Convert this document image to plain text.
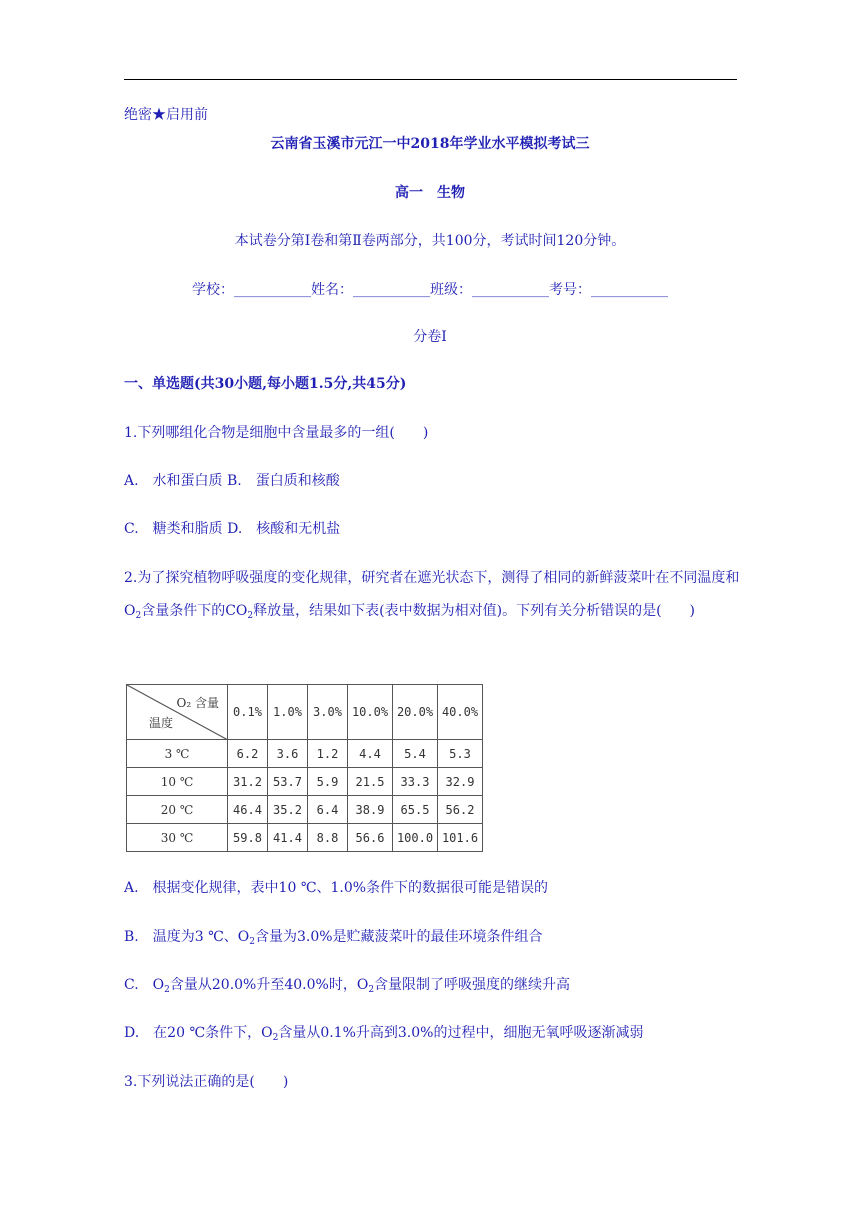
绝密★启用前
云南省玉溪市元江一中2018年学业水平模拟考试三
高一　生物
本试卷分第Ⅰ卷和第Ⅱ卷两部分，共100分，考试时间120分钟。
学校：___________姓名：___________班级：___________考号：___________
分卷I
一、单选题(共30小题,每小题1.5分,共45分)
1.下列哪组化合物是细胞中含量最多的一组(　　)
A.　水和蛋白质 B.　蛋白质和核酸
C.　糖类和脂质 D.　核酸和无机盐
2.为了探究植物呼吸强度的变化规律，研究者在遮光状态下，测得了相同的新鲜菠菜叶在不同温度和$O_2$含量条件下的$CO_2$释放量，结果如下表(表中数据为相对值)。下列有关分析错误的是(　　)
O₂ 含量
温度	0.1%	1.0%	3.0%	10.0%	20.0%	40.0%
3 ℃	6.2	3.6	1.2	4.4	5.4	5.3
10 ℃	31.2	53.7	5.9	21.5	33.3	32.9
20 ℃	46.4	35.2	6.4	38.9	65.5	56.2
30 ℃	59.8	41.4	8.8	56.6	100.0	101.6
A.　根据变化规律，表中10 ℃、1.0%条件下的数据很可能是错误的
B.　温度为3 ℃、$O_2$含量为3.0%是贮藏菠菜叶的最佳环境条件组合
C.　$O_2$含量从20.0%升至40.0%时，$O_2$含量限制了呼吸强度的继续升高
D.　在20 ℃条件下，$O_2$含量从0.1%升高到3.0%的过程中，细胞无氧呼吸逐渐减弱
3.下列说法正确的是(　　)
